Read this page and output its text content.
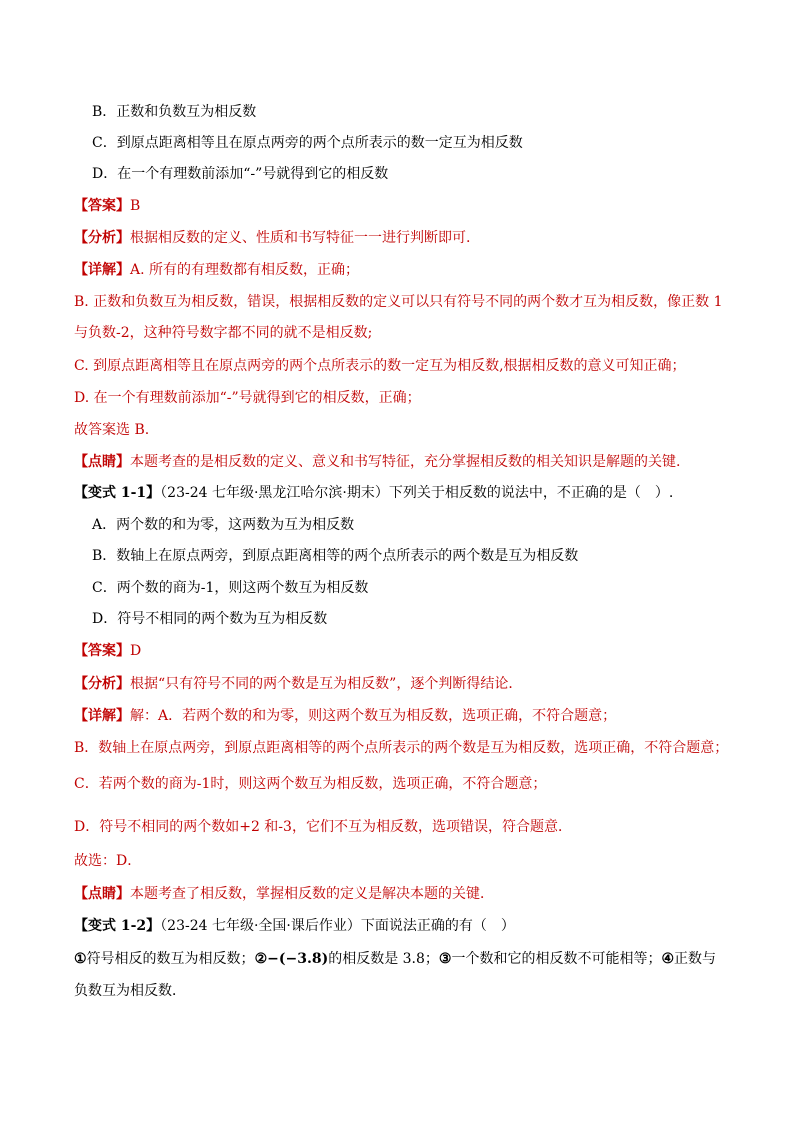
B．正数和负数互为相反数
C．到原点距离相等且在原点两旁的两个点所表示的数一定互为相反数
D．在一个有理数前添加“-”号就得到它的相反数
【答案】B
【分析】根据相反数的定义、性质和书写特征一一进行判断即可.
【详解】A. 所有的有理数都有相反数，正确；
B. 正数和负数互为相反数，错误，根据相反数的定义可以只有符号不同的两个数才互为相反数，像正数 1
与负数-2，这种符号数字都不同的就不是相反数;
C. 到原点距离相等且在原点两旁的两个点所表示的数一定互为相反数,根据相反数的意义可知正确；
D. 在一个有理数前添加“-”号就得到它的相反数，正确；
故答案选 B.
【点睛】本题考查的是相反数的定义、意义和书写特征，充分掌握相反数的相关知识是解题的关键.
【变式 1-1】（23-24 七年级·黑龙江哈尔滨·期末）下列关于相反数的说法中，不正确的是（　）.
A．两个数的和为零，这两数为互为相反数
B．数轴上在原点两旁，到原点距离相等的两个点所表示的两个数是互为相反数
C．两个数的商为-1，则这两个数互为相反数
D．符号不相同的两个数为互为相反数
【答案】D
【分析】根据“只有符号不同的两个数是互为相反数”，逐个判断得结论．
【详解】解：A．若两个数的和为零，则这两个数互为相反数，选项正确，不符合题意；
B．数轴上在原点两旁，到原点距离相等的两个点所表示的两个数是互为相反数，选项正确，不符合题意；
C．若两个数的商为-1时，则这两个数互为相反数，选项正确，不符合题意；
D．符号不相同的两个数如+2 和-3，它们不互为相反数，选项错误，符合题意．
故选：D．
【点睛】本题考查了相反数，掌握相反数的定义是解决本题的关键．
【变式 1-2】（23-24 七年级·全国·课后作业）下面说法正确的有（　）
①符号相反的数互为相反数；②−(−3.8)的相反数是 3.8；③一个数和它的相反数不可能相等；④正数与
负数互为相反数．
